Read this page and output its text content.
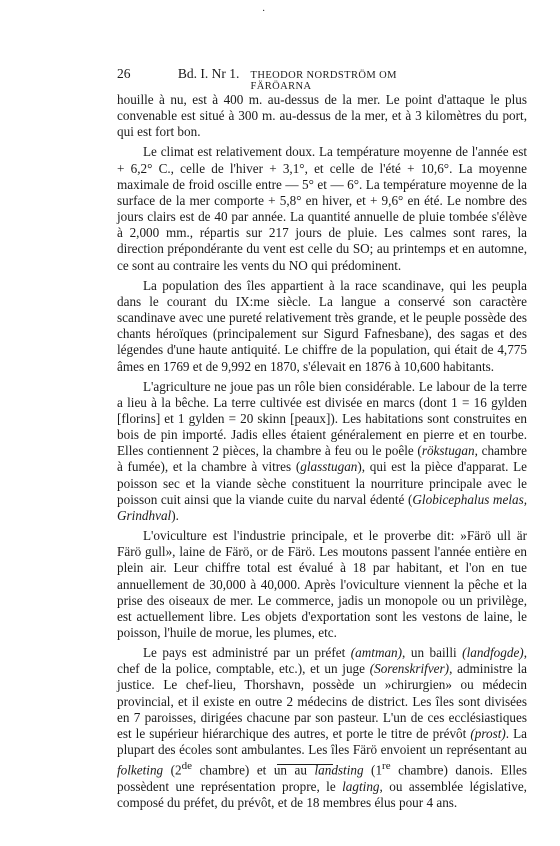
·
26	Bd. I. Nr 1.	THEODOR NORDSTRÖM OM FÄRÖARNA

houille à nu, est à 400 m. au-dessus de la mer. Le point d'attaque le plus convenable est situé à 300 m. au-dessus de la mer, et à 3 kilomètres du port, qui est fort bon.

Le climat est relativement doux. La température moyenne de l'année est + 6,2° C., celle de l'hiver + 3,1°, et celle de l'été + 10,6°. La moyenne maximale de froid oscille entre — 5° et — 6°. La température moyenne de la surface de la mer comporte + 5,8° en hiver, et + 9,6° en été. Le nombre des jours clairs est de 40 par année. La quantité annuelle de pluie tombée s'élève à 2,000 mm., répartis sur 217 jours de pluie. Les calmes sont rares, la direction prépondérante du vent est celle du SO; au printemps et en automne, ce sont au contraire les vents du NO qui prédominent.

La population des îles appartient à la race scandinave, qui les peupla dans le courant du IX:me siècle. La langue a conservé son caractère scandinave avec une pureté relativement très grande, et le peuple possède des chants héroïques (principalement sur Sigurd Fafnesbane), des sagas et des légendes d'une haute antiquité. Le chiffre de la population, qui était de 4,775 âmes en 1769 et de 9,992 en 1870, s'élevait en 1876 à 10,600 habitants.

L'agriculture ne joue pas un rôle bien considérable. Le labour de la terre a lieu à la bêche. La terre cultivée est divisée en marcs (dont 1 = 16 gylden [florins] et 1 gylden = 20 skinn [peaux]). Les habitations sont construites en bois de pin importé. Jadis elles étaient généralement en pierre et en tourbe. Elles contiennent 2 pièces, la chambre à feu ou le poêle (rökstugan, chambre à fumée), et la chambre à vitres (glasstugan), qui est la pièce d'apparat. Le poisson sec et la viande sèche constituent la nourriture principale avec le poisson cuit ainsi que la viande cuite du narval édenté (Globicephalus melas, Grindhval).

L'oviculture est l'industrie principale, et le proverbe dit: »Färö ull är Färö gull», laine de Färö, or de Färö. Les moutons passent l'année entière en plein air. Leur chiffre total est évalué à 18 par habitant, et l'on en tue annuellement de 30,000 à 40,000. Après l'oviculture viennent la pêche et la prise des oiseaux de mer. Le commerce, jadis un monopole ou un privilège, est actuellement libre. Les objets d'exportation sont les vestons de laine, le poisson, l'huile de morue, les plumes, etc.

Le pays est administré par un préfet (amtman), un bailli (landfogde), chef de la police, comptable, etc.), et un juge (Sorenskrifver), administre la justice. Le chef-lieu, Thorshavn, possède un »chirurgien» ou médecin provincial, et il existe en outre 2 médecins de district. Les îles sont divisées en 7 paroisses, dirigées chacune par son pasteur. L'un de ces ecclésiastiques est le supérieur hiérarchique des autres, et porte le titre de prévôt (prost). La plupart des écoles sont ambulantes. Les îles Färö envoient un représentant au folketing (2de chambre) et un au landsting (1re chambre) danois. Elles possèdent une représentation propre, le lagting, ou assemblée législative, composé du préfet, du prévôt, et de 18 membres élus pour 4 ans.
